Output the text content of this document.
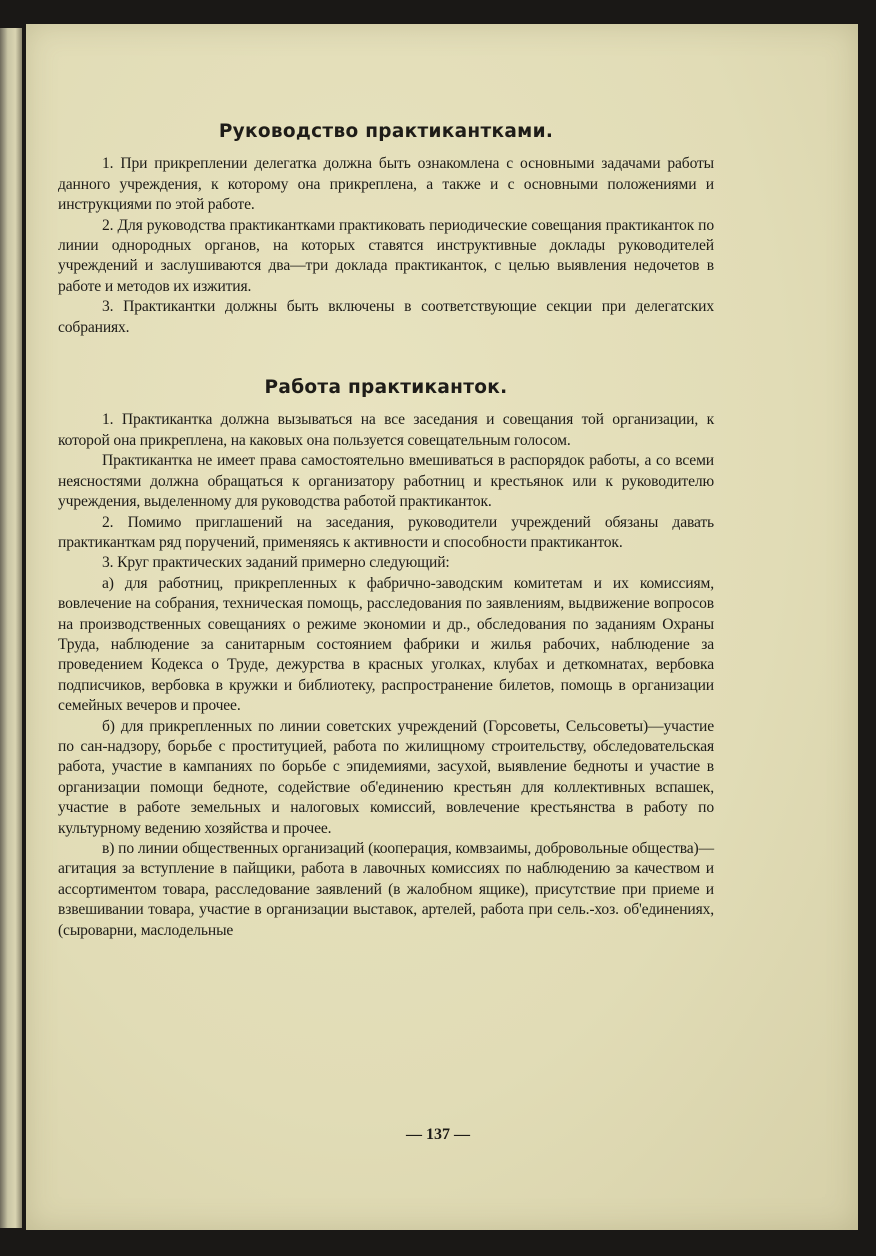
Руководство практикантками.

1. При прикреплении делегатка должна быть ознакомлена с основными задачами работы данного учреждения, к которому она прикреплена, а также и с основными положениями и инструкциями по этой работе.

2. Для руководства практикантками практиковать периодические совещания практиканток по линии однородных органов, на которых ставятся инструктивные доклады руководителей учреждений и заслушиваются два—три доклада практиканток, с целью выявления недочетов в работе и методов их изжития.

3. Практикантки должны быть включены в соответствующие секции при делегатских собраниях.

Работа практиканток.

1. Практикантка должна вызываться на все заседания и совещания той организации, к которой она прикреплена, на каковых она пользуется совещательным голосом.

Практикантка не имеет права самостоятельно вмешиваться в распорядок работы, а со всеми неясностями должна обращаться к организатору работниц и крестьянок или к руководителю учреждения, выделенному для руководства работой практиканток.

2. Помимо приглашений на заседания, руководители учреждений обязаны давать практиканткам ряд поручений, применяясь к активности и способности практиканток.

3. Круг практических заданий примерно следующий:

а) для работниц, прикрепленных к фабрично-заводским комитетам и их комиссиям, вовлечение на собрания, техническая помощь, расследования по заявлениям, выдвижение вопросов на производственных совещаниях о режиме экономии и др., обследования по заданиям Охраны Труда, наблюдение за санитарным состоянием фабрики и жилья рабочих, наблюдение за проведением Кодекса о Труде, дежурства в красных уголках, клубах и деткомнатах, вербовка подписчиков, вербовка в кружки и библиотеку, распространение билетов, помощь в организации семейных вечеров и прочее.

б) для прикрепленных по линии советских учреждений (Горсоветы, Сельсоветы)—участие по сан-надзору, борьбе с проституцией, работа по жилищному строительству, обследовательская работа, участие в кампаниях по борьбе с эпидемиями, засухой, выявление бедноты и участие в организации помощи бедноте, содействие об'единению крестьян для коллективных вспашек, участие в работе земельных и налоговых комиссий, вовлечение крестьянства в работу по культурному ведению хозяйства и прочее.

в) по линии общественных организаций (кооперация, комвзаимы, добровольные общества)—агитация за вступление в пайщики, работа в лавочных комиссиях по наблюдению за качеством и ассортиментом товара, расследование заявлений (в жалобном ящике), присутствие при приеме и взвешивании товара, участие в организации выставок, артелей, работа при сель.-хоз. об'единениях, (сыроварни, маслодельные

— 137 —
